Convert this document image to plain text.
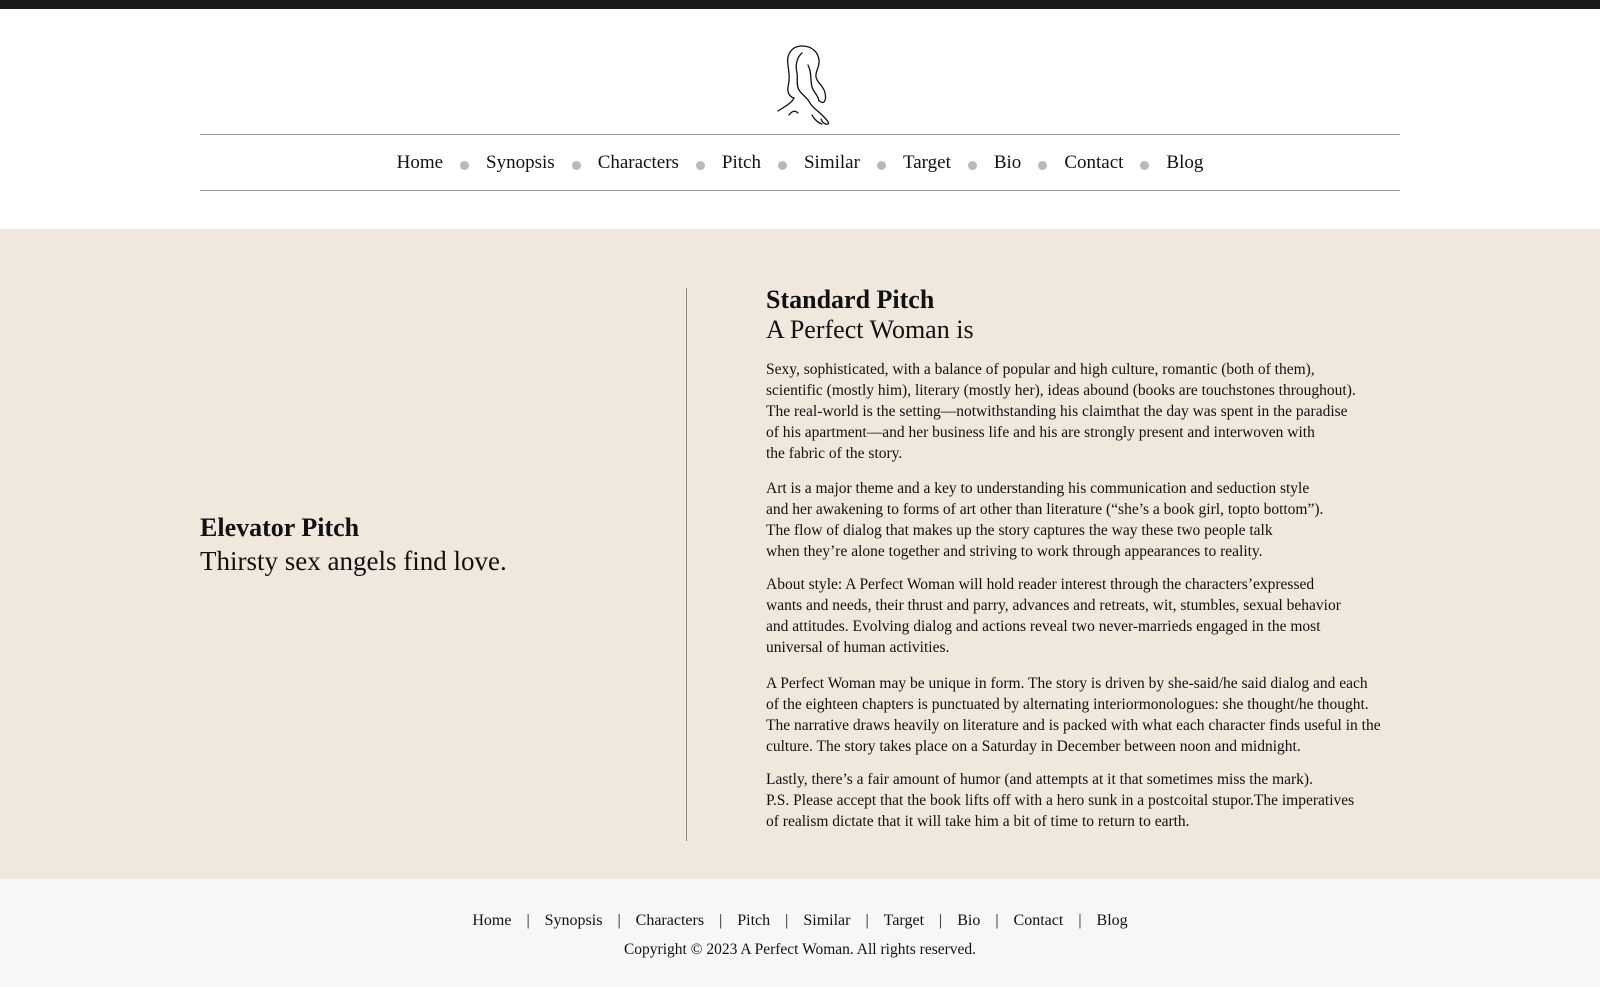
Home Synopsis Characters Pitch Similar Target Bio Contact Blog
Elevator Pitch

Thirsty sex angels find love.

Standard Pitch
A Perfect Woman is
Sexy, sophisticated, with a balance of popular and high culture, romantic (both of them),
scientific (mostly him), literary (mostly her), ideas abound (books are touchstones throughout).
The real-world is the setting—notwithstanding his claimthat the day was spent in the paradise
of his apartment—and her business life and his are strongly present and interwoven with
the fabric of the story.
Art is a major theme and a key to understanding his communication and seduction style
and her awakening to forms of art other than literature (“she’s a book girl, topto bottom”).
The flow of dialog that makes up the story captures the way these two people talk
when they’re alone together and striving to work through appearances to reality.
About style: A Perfect Woman will hold reader interest through the characters’expressed
wants and needs, their thrust and parry, advances and retreats, wit, stumbles, sexual behavior
and attitudes. Evolving dialog and actions reveal two never-marrieds engaged in the most
universal of human activities.
A Perfect Woman may be unique in form. The story is driven by she-said/he said dialog and each
of the eighteen chapters is punctuated by alternating interiormonologues: she thought/he thought.
The narrative draws heavily on literature and is packed with what each character finds useful in the
culture. The story takes place on a Saturday in December between noon and midnight.
Lastly, there’s a fair amount of humor (and attempts at it that sometimes miss the mark).
P.S. Please accept that the book lifts off with a hero sunk in a postcoital stupor.The imperatives
of realism dictate that it will take him a bit of time to return to earth.
Home | Synopsis | Characters | Pitch | Similar | Target | Bio | Contact | Blog
Copyright © 2023 A Perfect Woman. All rights reserved.
